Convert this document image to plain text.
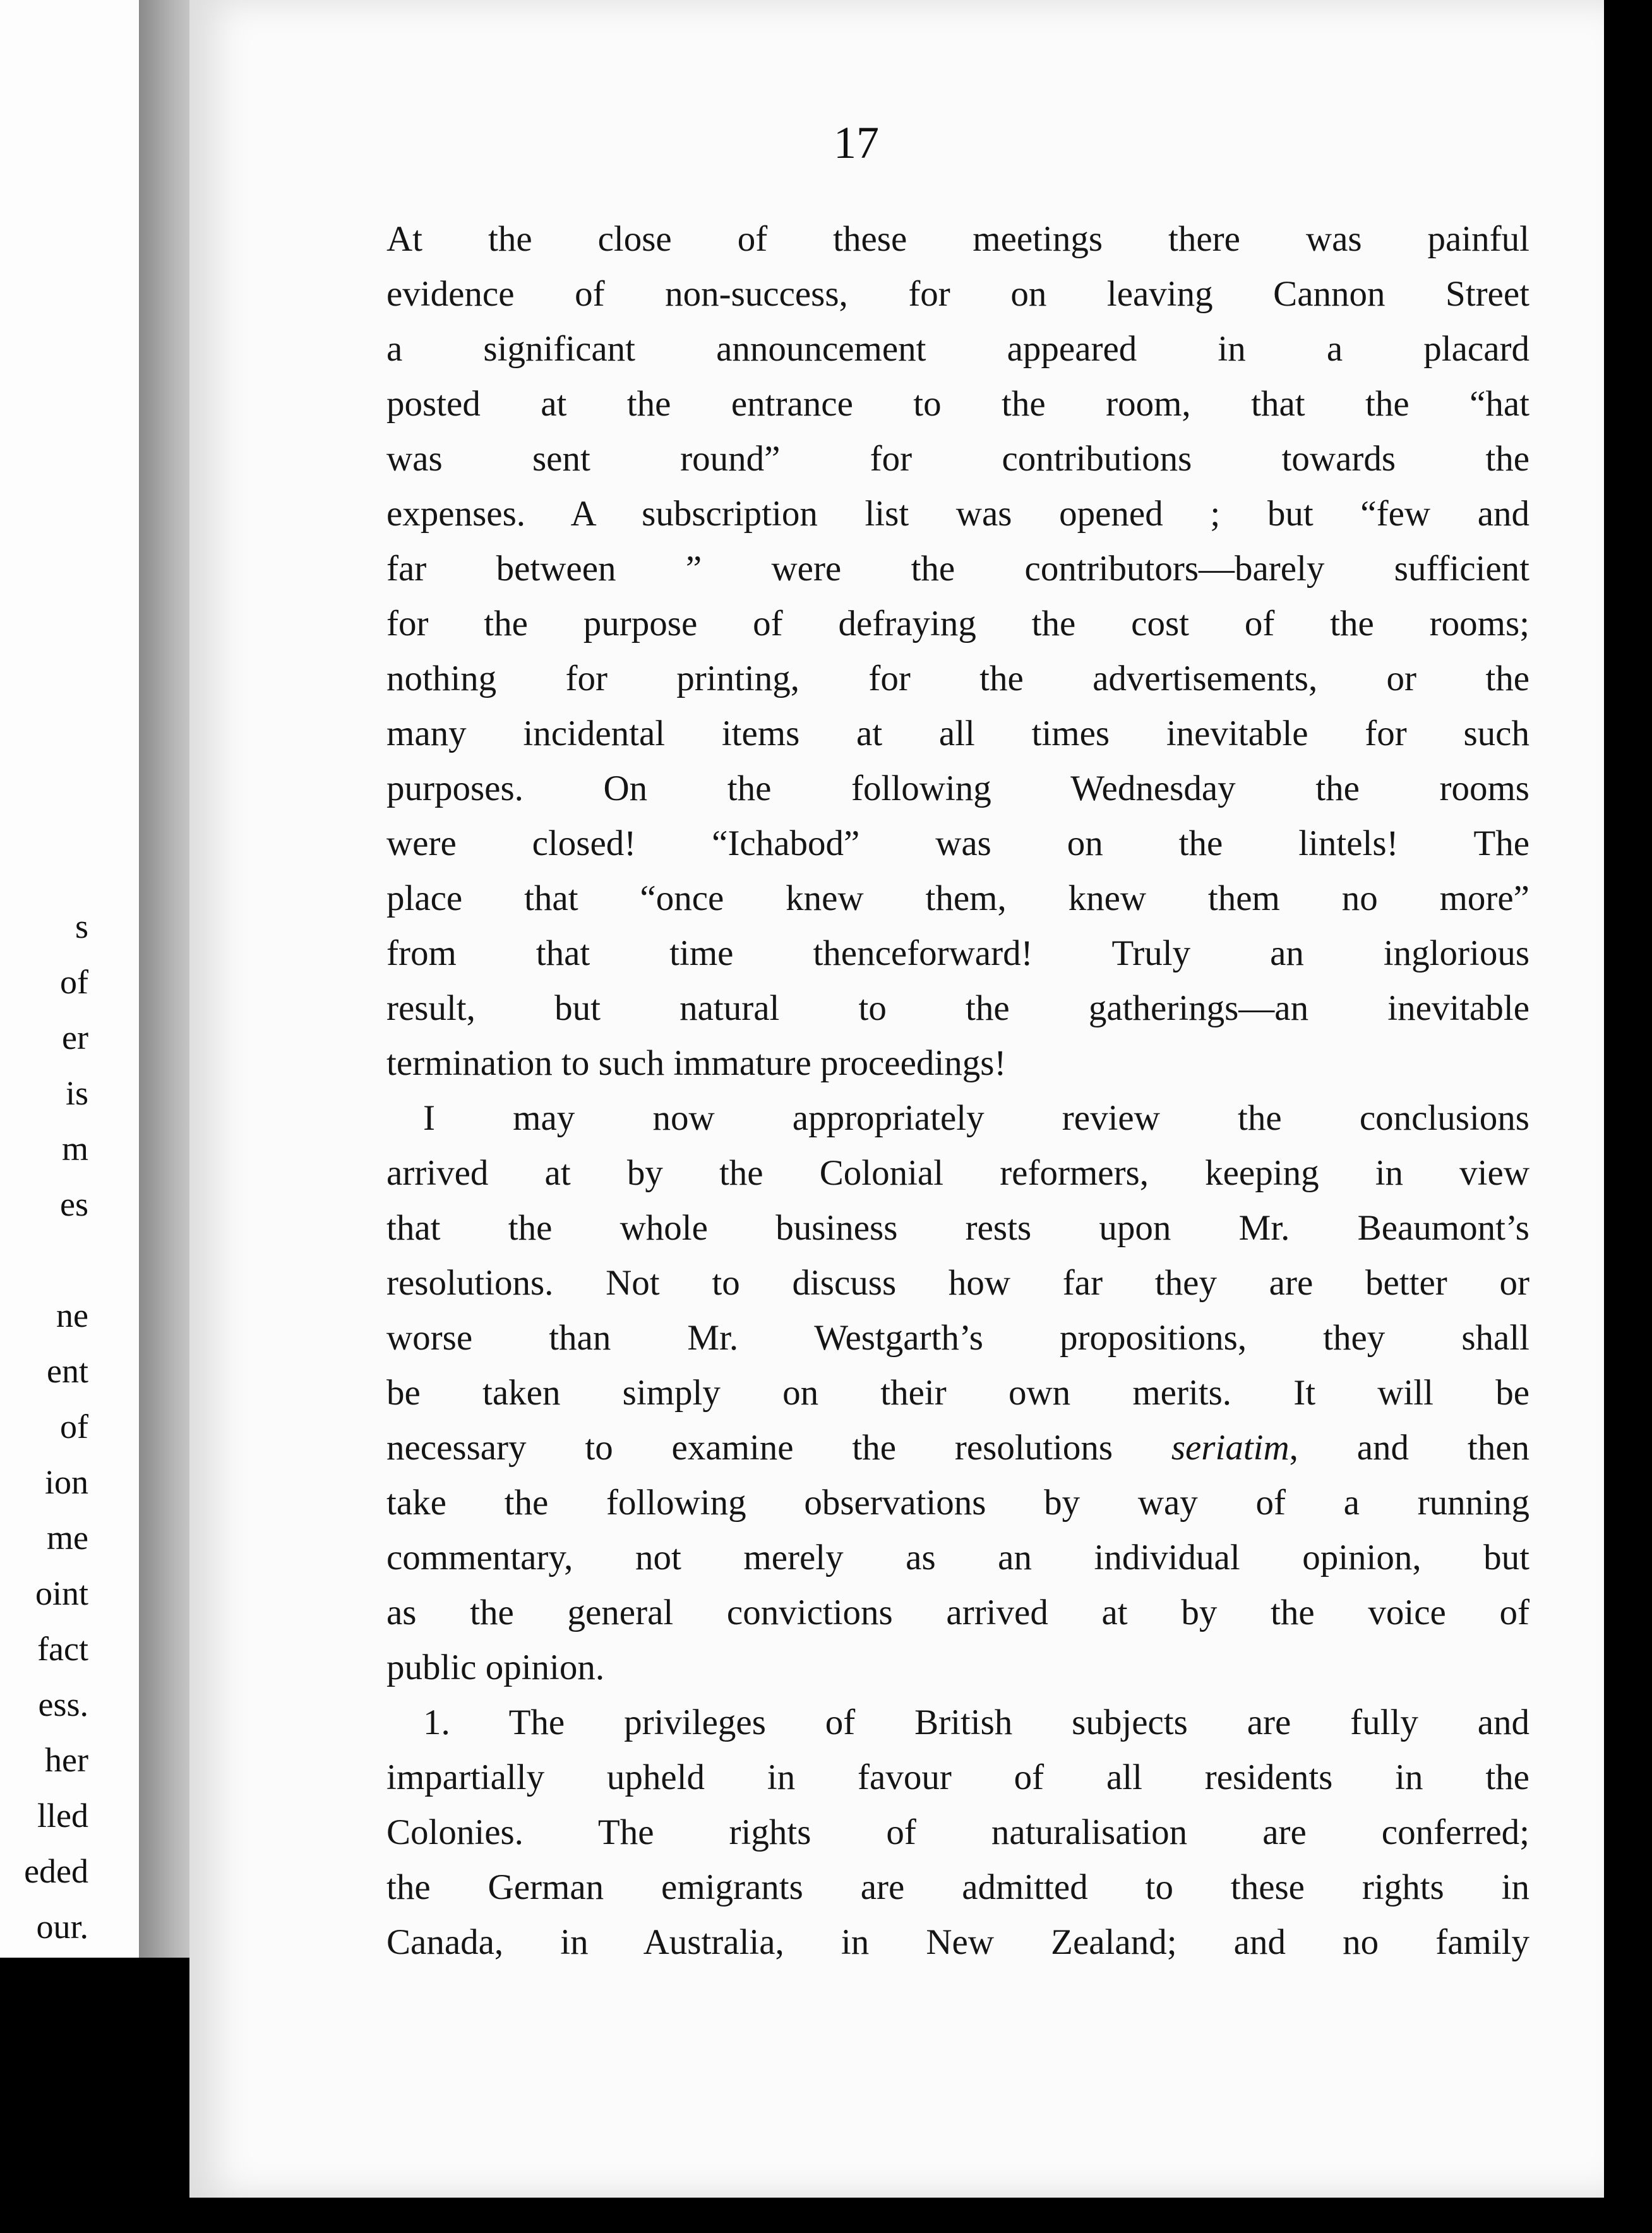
s
of
er
is
m
es
ne
ent
of
ion
me
oint
fact
ess.
her
lled
eded
our.
17
At the close of these meetings there was painful
evidence of non-success, for on leaving Cannon Street
a significant announcement appeared in a placard
posted at the entrance to the room, that the “hat
was sent round” for contributions towards the
expenses. A subscription list was opened ; but “few and
far between ” were the contributors—barely sufficient
for the purpose of defraying the cost of the rooms;
nothing for printing, for the advertisements, or the
many incidental items at all times inevitable for such
purposes. On the following Wednesday the rooms
were closed! “Ichabod” was on the lintels! The
place that “once knew them, knew them no more”
from that time thenceforward! Truly an inglorious
result, but natural to the gatherings—an inevitable
termination to such immature proceedings!
I may now appropriately review the conclusions
arrived at by the Colonial reformers, keeping in view
that the whole business rests upon Mr. Beaumont’s
resolutions. Not to discuss how far they are better or
worse than Mr. Westgarth’s propositions, they shall
be taken simply on their own merits. It will be
necessary to examine the resolutions seriatim, and then
take the following observations by way of a running
commentary, not merely as an individual opinion, but
as the general convictions arrived at by the voice of
public opinion.
1. The privileges of British subjects are fully and
impartially upheld in favour of all residents in the
Colonies. The rights of naturalisation are conferred;
the German emigrants are admitted to these rights in
Canada, in Australia, in New Zealand; and no family
